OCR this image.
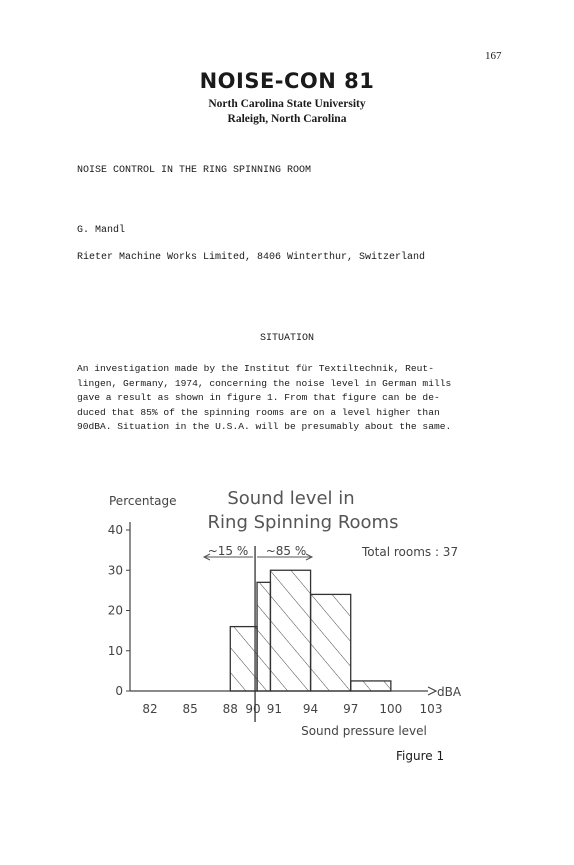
167
NOISE-CON 81
North Carolina State University
Raleigh, North Carolina
NOISE CONTROL IN THE RING SPINNING ROOM
G. Mandl
Rieter Machine Works Limited, 8406 Winterthur, Switzerland
SITUATION
An investigation made by the Institut für Textiltechnik, Reut-
lingen, Germany, 1974, concerning the noise level in German mills
gave a result as shown in figure 1. From that figure can be de-
duced that 85% of the spinning rooms are on a level higher than
90dBA. Situation in the U.S.A. will be presumably about the same.
Sound level in
Ring Spinning Rooms
Percentage
dBA
0
10
20
30
40
82 85 88 90 91 94 97 100 103
Sound pressure level
~15 % ~85 %	Total rooms : 37
Figure 1
